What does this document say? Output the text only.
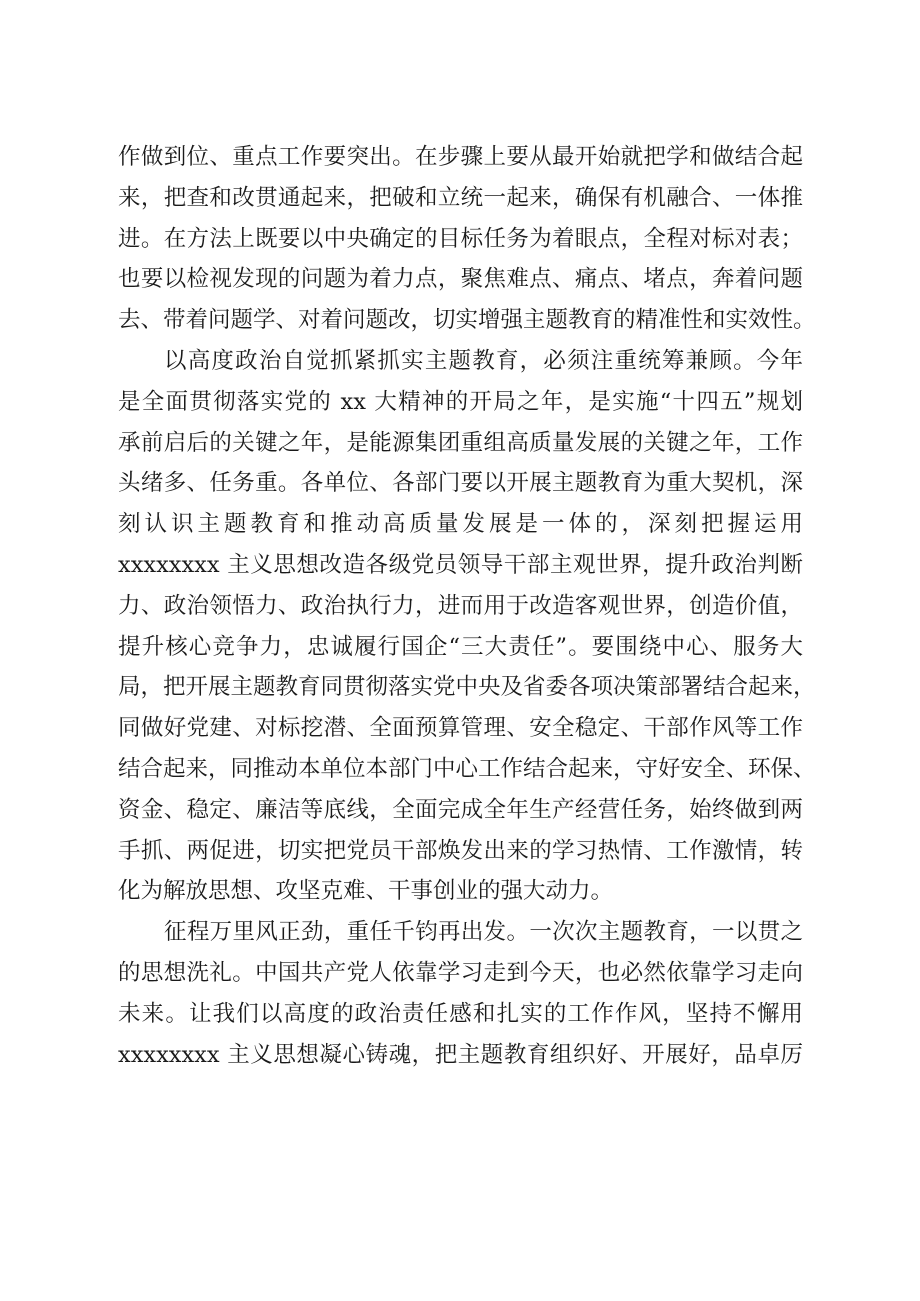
作做到位、重点工作要突出。在步骤上要从最开始就把学和做结合起
来，把查和改贯通起来，把破和立统一起来，确保有机融合、一体推
进。在方法上既要以中央确定的目标任务为着眼点，全程对标对表；
也要以检视发现的问题为着力点，聚焦难点、痛点、堵点，奔着问题
去、带着问题学、对着问题改，切实增强主题教育的精准性和实效性。
以高度政治自觉抓紧抓实主题教育，必须注重统筹兼顾。今年
是全面贯彻落实党的 xx 大精神的开局之年，是实施“十四五”规划
承前启后的关键之年，是能源集团重组高质量发展的关键之年，工作
头绪多、任务重。各单位、各部门要以开展主题教育为重大契机，深
刻认识主题教育和推动高质量发展是一体的，深刻把握运用
xxxxxxxx 主义思想改造各级党员领导干部主观世界，提升政治判断
力、政治领悟力、政治执行力，进而用于改造客观世界，创造价值，
提升核心竞争力，忠诚履行国企“三大责任”。要围绕中心、服务大
局，把开展主题教育同贯彻落实党中央及省委各项决策部署结合起来，
同做好党建、对标挖潜、全面预算管理、安全稳定、干部作风等工作
结合起来，同推动本单位本部门中心工作结合起来，守好安全、环保、
资金、稳定、廉洁等底线，全面完成全年生产经营任务，始终做到两
手抓、两促进，切实把党员干部焕发出来的学习热情、工作激情，转
化为解放思想、攻坚克难、干事创业的强大动力。
征程万里风正劲，重任千钧再出发。一次次主题教育，一以贯之
的思想洗礼。中国共产党人依靠学习走到今天，也必然依靠学习走向
未来。让我们以高度的政治责任感和扎实的工作作风，坚持不懈用
xxxxxxxx 主义思想凝心铸魂，把主题教育组织好、开展好，品卓厉
